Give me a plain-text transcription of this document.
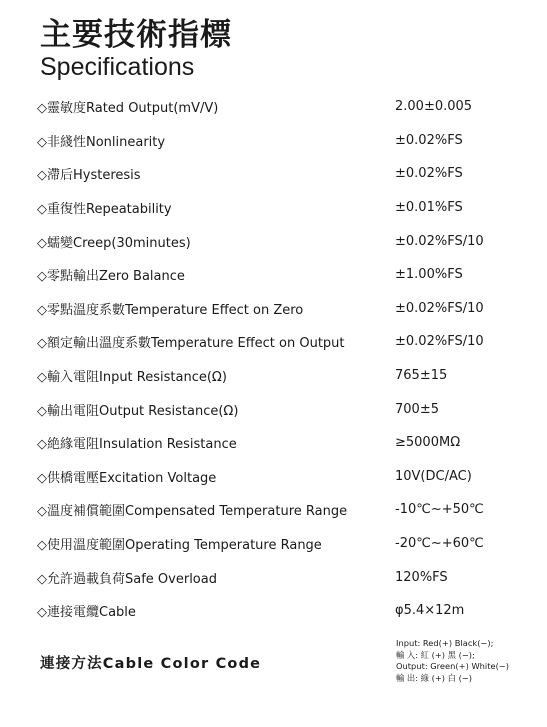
主要技術指標
Specifications
◇靈敏度Rated Output(mV/V)	2.00±0.005
◇非綫性Nonlinearity	±0.02%FS
◇滯后Hysteresis	±0.02%FS
◇重復性Repeatability	±0.01%FS
◇蠕變Creep(30minutes)	±0.02%FS/10
◇零點輸出Zero Balance	±1.00%FS
◇零點溫度系數Temperature Effect on Zero	±0.02%FS/10
◇額定輸出溫度系數Temperature Effect on Output	±0.02%FS/10
◇輸入電阻Input Resistance(Ω)	765±15
◇輸出電阻Output Resistance(Ω)	700±5
◇絶緣電阻Insulation Resistance	≥5000MΩ
◇供橋電壓Excitation Voltage	10V(DC/AC)
◇溫度補償範圍Compensated Temperature Range	-10℃~+50℃
◇使用溫度範圍Operating Temperature Range	-20℃~+60℃
◇允許過載負荷Safe Overload	120%FS
◇連接電纜Cable	φ5.4×12m
連接方法Cable Color Code
Input: Red(+) Black(−);
輸 入: 紅 (+) 黑 (−);
Output: Green(+) White(−)
輸 出: 綠 (+) 白 (−)
